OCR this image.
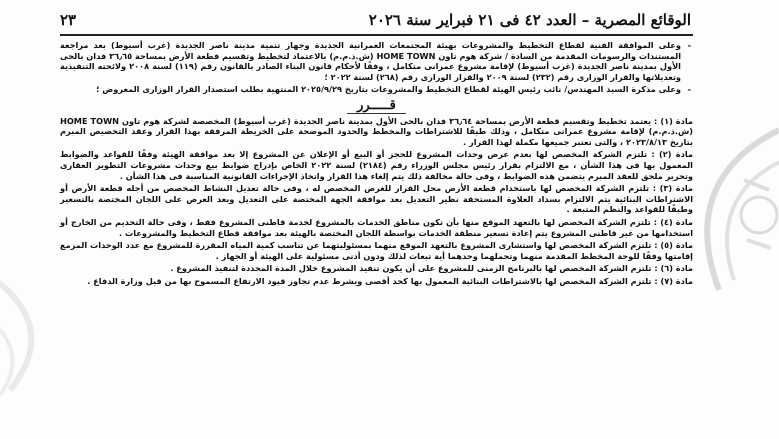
الوقائع المصرية – العدد ٤٢ فى ٢١ فبراير سنة ٢٠٢٦
٢٣

- وعلى الموافقة الفنية لقطاع التخطيط والمشروعات بهيئة المجتمعات العمرانية الجديدة وجهاز تنمية مدينة ناصر الجديدة (غرب أسيوط) بعد مراجعة المستندات والرسومات المقدمة من السادة / شركة هوم تاون HOME TOWN (ش.ذ.م.م) بالاعتماد لتخطيط وتقسيم قطعة الأرض بمساحة ٣٦٫٦٥ فدان بالحى الأول بمدينة ناصر الجديدة (غرب أسيوط) لإقامة مشروع عمرانى متكامل ، وفقًا لأحكام قانون البناء الصادر بالقانون رقم (١١٩) لسنة ٢٠٠٨ ولائحته التنفيذية وتعديلاتها والقرار الوزارى رقم (٢٣٢) لسنة ٢٠٠٩ والقرار الوزارى رقم (٢٦٨) لسنة ٢٠٢٢ ؛

- وعلى مذكرة السيد المهندس/ نائب رئيس الهيئة لقطاع التخطيط والمشروعات بتاريخ ٢٠٢٥/٩/٢٩ المنتهية بطلب استصدار القرار الوزارى المعروض ؛

قـــــرر

مادة (١) : يعتمد تخطيط وتقسيم قطعة الأرض بمساحة ٣٦٫٦٤ فدان بالحى الأول بمدينة ناصر الجديدة (غرب أسيوط) المخصصة لشركة هوم تاون HOME TOWN (ش.ذ.م.م) لإقامة مشروع عمرانى متكامل ، وذلك طبقًا للاشتراطات والمخطط والحدود الموضحة على الخريطة المرفقة بهذا القرار وعقد التخصيص المبرم بتاريخ ٢٠٢٣/٨/١٣ ، والتى تعتبر جميعها مكملة لهذا القرار .

مادة (٢) : تلتزم الشركة المخصص لها بعدم عرض وحدات المشروع للحجز أو البيع أو الإعلان عن المشروع إلا بعد موافقة الهيئة وفقًا للقواعد والضوابط المعمول بها فى هذا الشأن ، مع الالتزام بقرار رئيس مجلس الوزراء رقم (٢١٨٤) لسنة ٢٠٢٢ الخاص بإدراج ضوابط بيع وحدات مشروعات التطوير العقارى وتحرير ملحق للعقد المبرم يتضمن هذه الضوابط ، وفى حالة مخالفة ذلك يتم إلغاء هذا القرار واتخاذ الإجراءات القانونية المناسبة فى هذا الشأن .

مادة (٣) : تلتزم الشركة المخصص لها باستخدام قطعة الأرض محل القرار للغرض المخصص له ، وفى حالة تعديل النشاط المخصص من أجله قطعة الأرض أو الاشتراطات البنائية يتم الالتزام بسداد العلاوة المستحقة نظير التعديل بعد موافقة الجهة المختصة على التعديل وبعد العرض على اللجان المختصة بالتسعير وطبقًا للقواعد والنظم المتبعة .

مادة (٤) : تلتزم الشركة المخصص لها بالتعهد الموقع منها بأن تكون مناطق الخدمات بالمشروع لخدمة قاطنى المشروع فقط ، وفى حالة التخديم من الخارج أو استخدامها من غير قاطنى المشروع يتم إعادة تسعير منطقة الخدمات بواسطة اللجان المختصة بالهيئة بعد موافقة قطاع التخطيط والمشروعات .

مادة (٥) : تلتزم الشركة المخصص لها واستشارى المشروع بالتعهد الموقع منهما بمسئوليتهما عن تناسب كمية المياه المقررة للمشروع مع عدد الوحدات المزمع إقامتها وفقًا للوحة المخطط المقدمة منهما وتحملهما وحدهما أية تبعات لذلك ودون أدنى مسئولية على الهيئة أو الجهاز .

مادة (٦) : تلتزم الشركة المخصص لها بالبرنامج الزمنى للمشروع على أن يكون تنفيذ المشروع خلال المدة المحددة لتنفيذ المشروع .

مادة (٧) : تلتزم الشركة المخصص لها بالاشتراطات البنائية المعمول بها كحد أقصى ويشرط عدم تجاوز قيود الارتفاع المسموح بها من قبل وزارة الدفاع .
